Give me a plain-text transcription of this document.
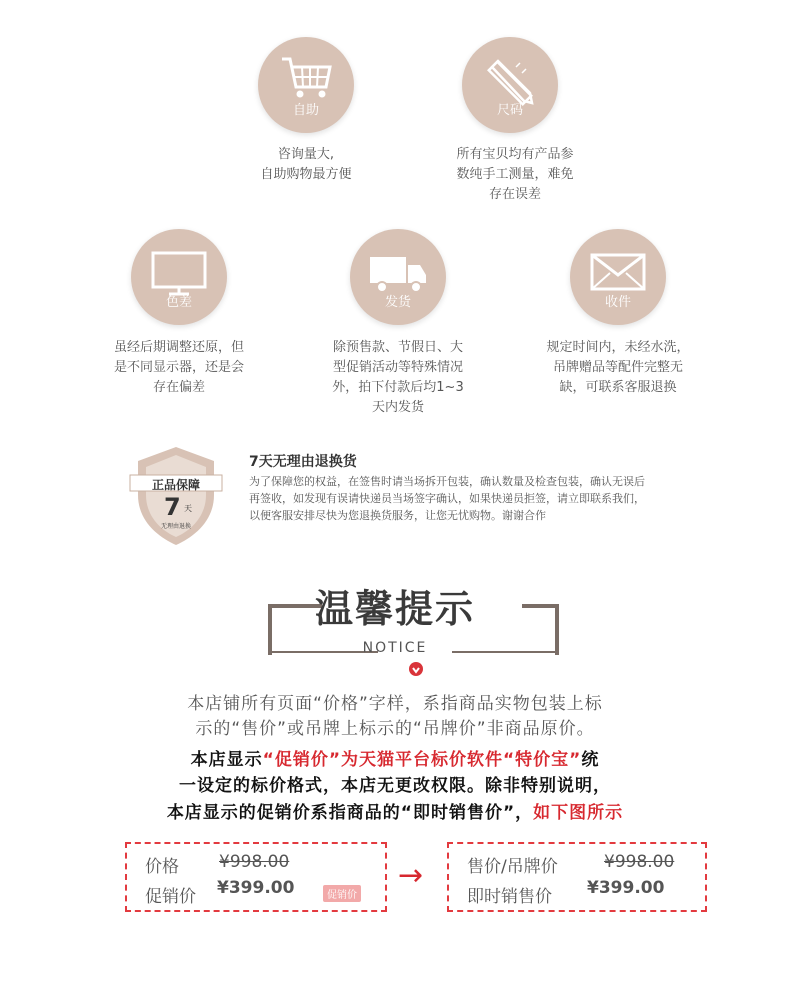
自助
咨询量大,
自助购物最方便
尺码
所有宝贝均有产品参
数纯手工测量，难免
存在误差
色差
虽经后期调整还原，但
是不同显示器，还是会
存在偏差
发货
除预售款、节假日、大
型促销活动等特殊情况
外，拍下付款后均1~3
天内发货
收件
规定时间内，未经水洗，
吊牌赠品等配件完整无
缺，可联系客服退换
正品保障
7 天
无理由退换
7天无理由退换货
为了保障您的权益，在签售时请当场拆开包装，确认数量及检查包装，确认无误后
再签收，如发现有误请快递员当场签字确认，如果快递员拒签，请立即联系我们，
以便客服安排尽快为您退换货服务，让您无忧购物。谢谢合作
温馨提示
NOTICE
本店铺所有页面“价格”字样，系指商品实物包装上标
示的“售价”或吊牌上标示的“吊牌价”非商品原价。
本店显示“促销价”为天猫平台标价软件“特价宝”统
一设定的标价格式，本店无更改权限。除非特别说明，
本店显示的促销价系指商品的“即时销售价”，如下图所示
价格 ¥998.00
促销价 ¥399.00	促销价
→	售价/吊牌价	¥998.00
即时销售价 ¥399.00
